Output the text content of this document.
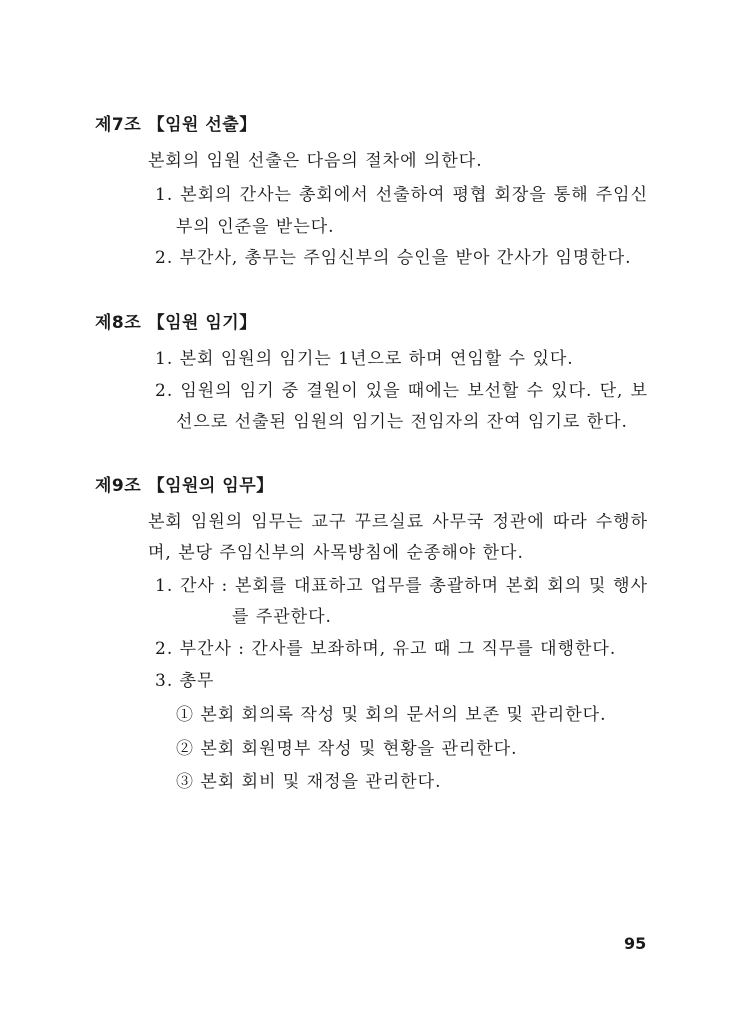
제7조 【임원 선출】
본회의 임원 선출은 다음의 절차에 의한다.
1. 본회의 간사는 총회에서 선출하여 평협 회장을 통해 주임신
부의 인준을 받는다.
2. 부간사, 총무는 주임신부의 승인을 받아 간사가 임명한다.
제8조 【임원 임기】
1. 본회 임원의 임기는 1년으로 하며 연임할 수 있다.
2. 임원의 임기 중 결원이 있을 때에는 보선할 수 있다. 단, 보
선으로 선출된 임원의 임기는 전임자의 잔여 임기로 한다.
제9조 【임원의 임무】
본회 임원의 임무는 교구 꾸르실료 사무국 정관에 따라 수행하
며, 본당 주임신부의 사목방침에 순종해야 한다.
1. 간사 : 본회를 대표하고 업무를 총괄하며 본회 회의 및 행사
를 주관한다.
2. 부간사 : 간사를 보좌하며, 유고 때 그 직무를 대행한다.
3. 총무
① 본회 회의록 작성 및 회의 문서의 보존 및 관리한다.
② 본회 회원명부 작성 및 현황을 관리한다.
③ 본회 회비 및 재정을 관리한다.
95
